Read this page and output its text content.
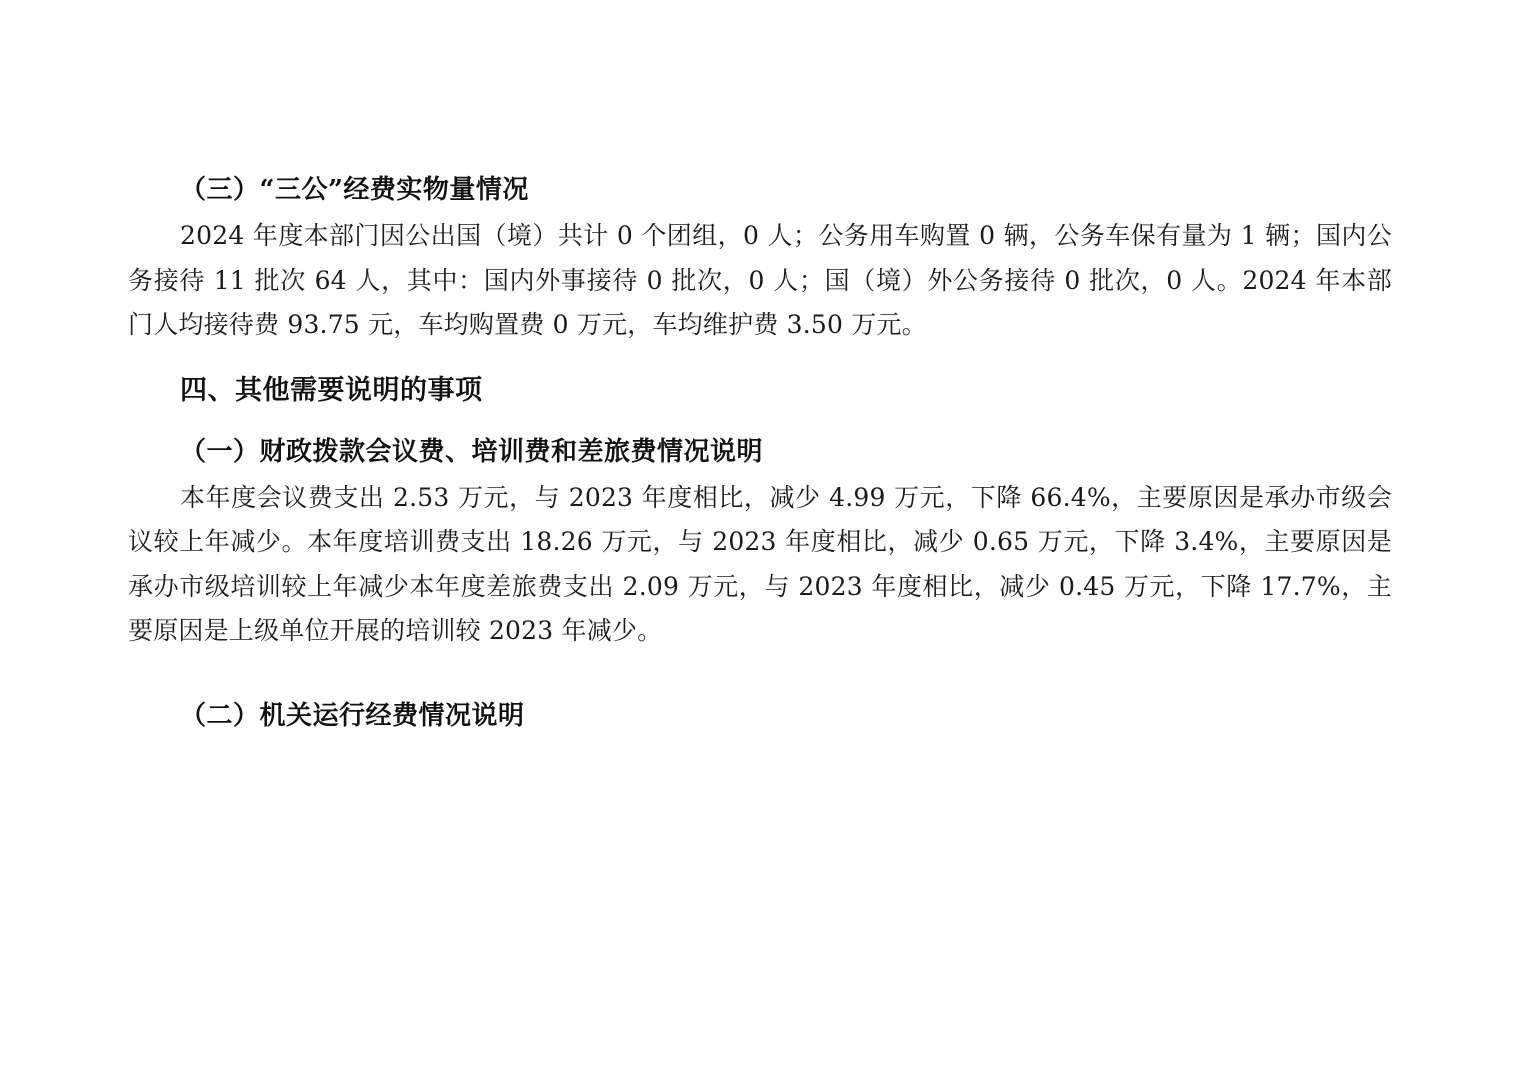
（三）“三公”经费实物量情况

2024 年度本部门因公出国（境）共计 0 个团组，0 人；公务用车购置 0 辆，公务车保有量为 1 辆；国内公务接待 11 批次 64 人，其中：国内外事接待 0 批次，0 人；国（境）外公务接待 0 批次，0 人。2024 年本部门人均接待费 93.75 元，车均购置费 0 万元，车均维护费 3.50 万元。

四、其他需要说明的事项
（一）财政拨款会议费、培训费和差旅费情况说明

本年度会议费支出 2.53 万元，与 2023 年度相比，减少 4.99 万元，下降 66.4%，主要原因是承办市级会议较上年减少。本年度培训费支出 18.26 万元，与 2023 年度相比，减少 0.65 万元，下降 3.4%，主要原因是承办市级培训较上年减少本年度差旅费支出 2.09 万元，与 2023 年度相比，减少 0.45 万元，下降 17.7%，主要原因是上级单位开展的培训较 2023 年减少。

（二）机关运行经费情况说明
